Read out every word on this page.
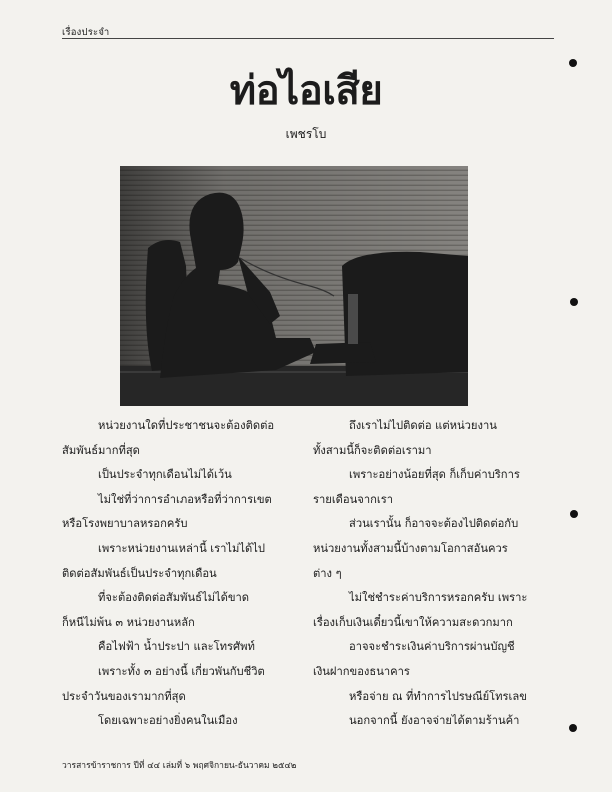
เรื่องประจำ
ท่อไอเสีย
เพชรโบ
หน่วยงานใดที่ประชาชนจะต้องติดต่อ
สัมพันธ์มากที่สุด
เป็นประจำทุกเดือนไม่ได้เว้น
ไม่ใช่ที่ว่าการอำเภอหรือที่ว่าการเขต
หรือโรงพยาบาลหรอกครับ
เพราะหน่วยงานเหล่านี้ เราไม่ได้ไป
ติดต่อสัมพันธ์เป็นประจำทุกเดือน
ที่จะต้องติดต่อสัมพันธ์ไม่ได้ขาด
ก็หนีไม่พ้น ๓ หน่วยงานหลัก
คือไฟฟ้า น้ำประปา และโทรศัพท์
เพราะทั้ง ๓ อย่างนี้ เกี่ยวพันกับชีวิต
ประจำวันของเรามากที่สุด
โดยเฉพาะอย่างยิ่งคนในเมือง
ถึงเราไม่ไปติดต่อ แต่หน่วยงาน
ทั้งสามนี้ก็จะติดต่อเรามา
เพราะอย่างน้อยที่สุด ก็เก็บค่าบริการ
รายเดือนจากเรา
ส่วนเรานั้น ก็อาจจะต้องไปติดต่อกับ
หน่วยงานทั้งสามนี้บ้างตามโอกาสอันควร
ต่าง ๆ
ไม่ใช่ชำระค่าบริการหรอกครับ เพราะ
เรื่องเก็บเงินเดี๋ยวนี้เขาให้ความสะดวกมาก
อาจจะชำระเงินค่าบริการผ่านบัญชี
เงินฝากของธนาคาร
หรือจ่าย ณ ที่ทำการไปรษณีย์โทรเลข
นอกจากนี้ ยังอาจจ่ายได้ตามร้านค้า
วารสารข้าราชการ ปีที่ ๔๔ เล่มที่ ๖ พฤศจิกายน-ธันวาคม ๒๕๔๒
